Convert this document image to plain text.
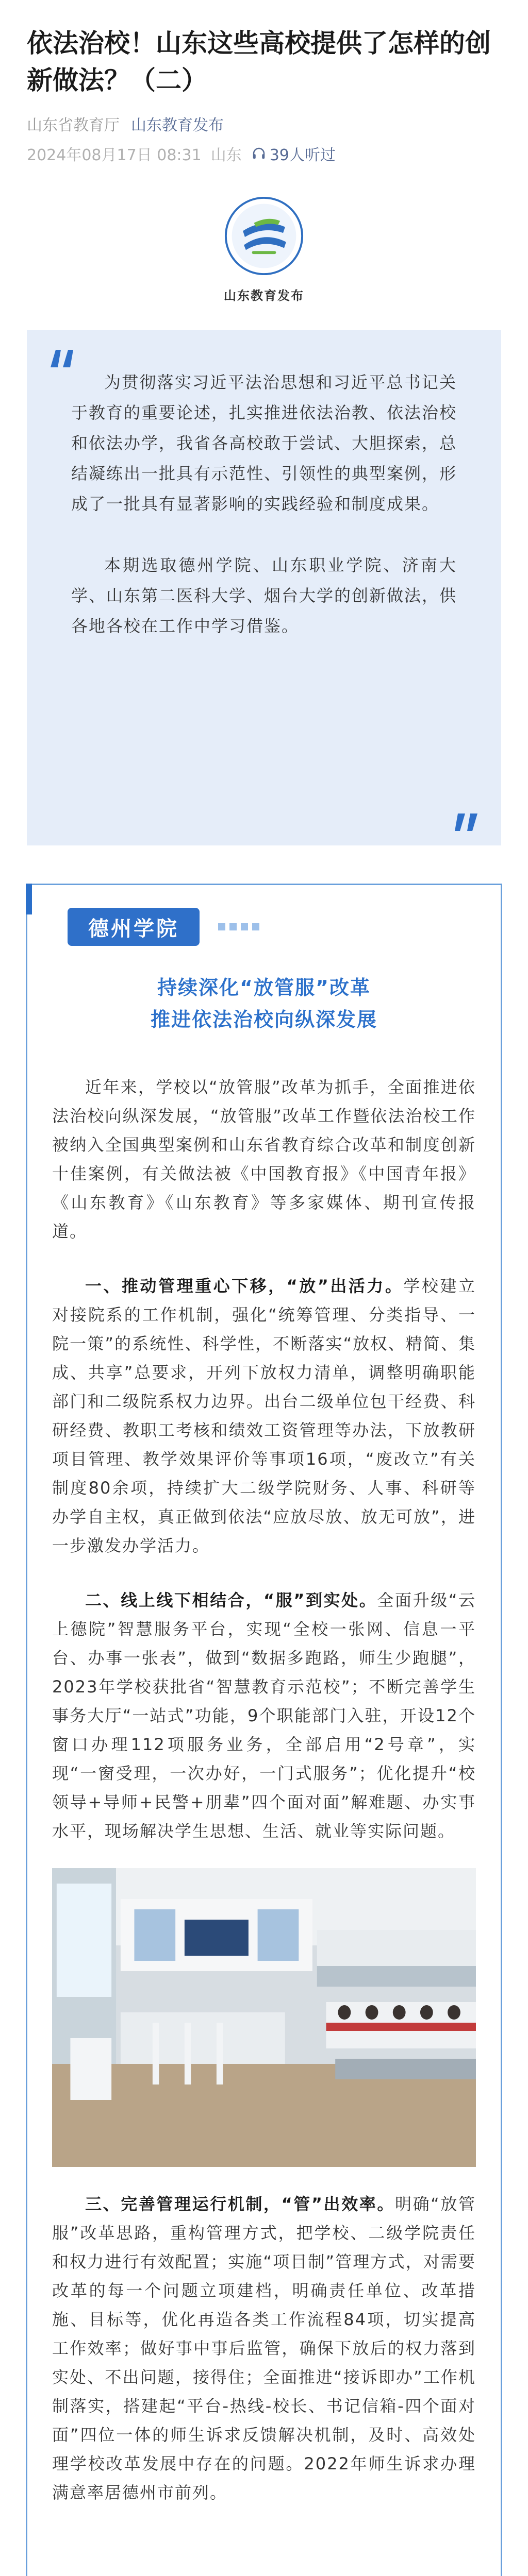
依法治校！山东这些高校提供了怎样的创新做法？（二）
山东省教育厅 山东教育发布
2024年08月17日 08:31 山东 39人听过
山东教育发布

为贯彻落实习近平法治思想和习近平总书记关于教育的重要论述，扎实推进依法治教、依法治校和依法办学，我省各高校敢于尝试、大胆探索，总结凝练出一批具有示范性、引领性的典型案例，形成了一批具有显著影响的实践经验和制度成果。

本期选取德州学院、山东职业学院、济南大学、山东第二医科大学、烟台大学的创新做法，供各地各校在工作中学习借鉴。

德州学院
持续深化“放管服”改革
推进依法治校向纵深发展

近年来，学校以“放管服”改革为抓手，全面推进依法治校向纵深发展，“放管服”改革工作暨依法治校工作被纳入全国典型案例和山东省教育综合改革和制度创新十佳案例，有关做法被《中国教育报》《中国青年报》《山东教育》《山东教育》等多家媒体、期刊宣传报道。

一、推动管理重心下移，“放”出活力。学校建立对接院系的工作机制，强化“统筹管理、分类指导、一院一策”的系统性、科学性，不断落实“放权、精简、集成、共享”总要求，开列下放权力清单，调整明确职能部门和二级院系权力边界。出台二级单位包干经费、科研经费、教职工考核和绩效工资管理等办法，下放教研项目管理、教学效果评价等事项16项，“废改立”有关制度80余项，持续扩大二级学院财务、人事、科研等办学自主权，真正做到依法“应放尽放、放无可放”，进一步激发办学活力。

二、线上线下相结合，“服”到实处。全面升级“云上德院”智慧服务平台，实现“全校一张网、信息一平台、办事一张表”，做到“数据多跑路，师生少跑腿”，2023年学校获批省“智慧教育示范校”；不断完善学生事务大厅“一站式”功能，9个职能部门入驻，开设12个窗口办理112项服务业务，全部启用“2号章”，实现“一窗受理，一次办好，一门式服务”；优化提升“校领导+导师+民警+朋辈”四个面对面”解难题、办实事水平，现场解决学生思想、生活、就业等实际问题。

三、完善管理运行机制，“管”出效率。明确“放管服”改革思路，重构管理方式，把学校、二级学院责任和权力进行有效配置；实施“项目制”管理方式，对需要改革的每一个问题立项建档，明确责任单位、改革措施、目标等，优化再造各类工作流程84项，切实提高工作效率；做好事中事后监管，确保下放后的权力落到实处、不出问题，接得住；全面推进“接诉即办”工作机制落实，搭建起“平台-热线-校长、书记信箱-四个面对面”四位一体的师生诉求反馈解决机制，及时、高效处理学校改革发展中存在的问题。2022年师生诉求办理满意率居德州市前列。
